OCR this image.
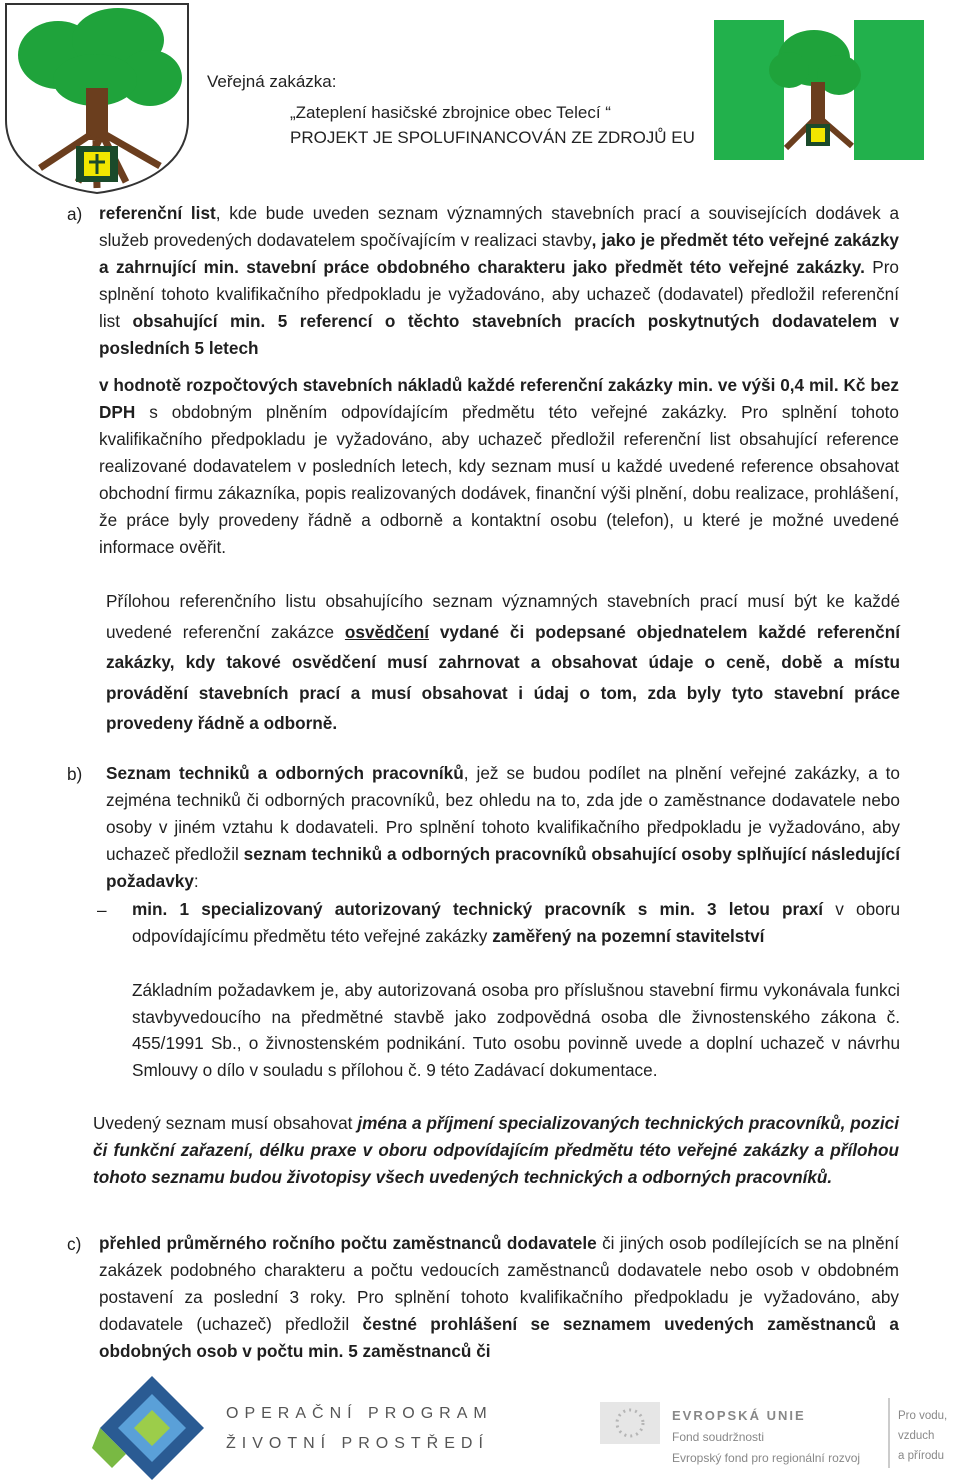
Veřejná zakázka:
„Zateplení hasičské zbrojnice obec Telecí “
PROJEKT JE SPOLUFINANCOVÁN ZE ZDROJŮ EU
a) referenční list, kde bude uveden seznam významných stavebních prací a souvisejících dodávek a služeb provedených dodavatelem spočívajícím v realizaci stavby, jako je předmět této veřejné zakázky a zahrnující min. stavební práce obdobného charakteru jako předmět této veřejné zakázky. Pro splnění tohoto kvalifikačního předpokladu je vyžadováno, aby uchazeč (dodavatel) předložil referenční list obsahující min. 5 referencí o těchto stavebních pracích poskytnutých dodavatelem v posledních 5 letech
v hodnotě rozpočtových stavebních nákladů každé referenční zakázky min. ve výši 0,4 mil. Kč bez DPH s obdobným plněním odpovídajícím předmětu této veřejné zakázky. Pro splnění tohoto kvalifikačního předpokladu je vyžadováno, aby uchazeč předložil referenční list obsahující reference realizované dodavatelem v posledních letech, kdy seznam musí u každé uvedené reference obsahovat obchodní firmu zákazníka, popis realizovaných dodávek, finanční výši plnění, dobu realizace, prohlášení, že práce byly provedeny řádně a odborně a kontaktní osobu (telefon), u které je možné uvedené informace ověřit.
Přílohou referenčního listu obsahujícího seznam významných stavebních prací musí být ke každé uvedené referenční zakázce osvědčení vydané či podepsané objednatelem každé referenční zakázky, kdy takové osvědčení musí zahrnovat a obsahovat údaje o ceně, době a místu provádění stavebních prací a musí obsahovat i údaj o tom, zda byly tyto stavební práce provedeny řádně a odborně.
b) Seznam techniků a odborných pracovníků, jež se budou podílet na plnění veřejné zakázky, a to zejména techniků či odborných pracovníků, bez ohledu na to, zda jde o zaměstnance dodavatele nebo osoby v jiném vztahu k dodavateli. Pro splnění tohoto kvalifikačního předpokladu je vyžadováno, aby uchazeč předložil seznam techniků a odborných pracovníků obsahující osoby splňující následující požadavky:
– min. 1 specializovaný autorizovaný technický pracovník s min. 3 letou praxí v oboru odpovídajícímu předmětu této veřejné zakázky zaměřený na pozemní stavitelství
Základním požadavkem je, aby autorizovaná osoba pro příslušnou stavební firmu vykonávala funkci stavbyvedoucího na předmětné stavbě jako zodpovědná osoba dle živnostenského zákona č. 455/1991 Sb., o živnostenském podnikání. Tuto osobu povinně uvede a doplní uchazeč v návrhu Smlouvy o dílo v souladu s přílohou č. 9 této Zadávací dokumentace.
Uvedený seznam musí obsahovat jména a příjmení specializovaných technických pracovníků, pozici či funkční zařazení, délku praxe v oboru odpovídajícím předmětu této veřejné zakázky a přílohou tohoto seznamu budou životopisy všech uvedených technických a odborných pracovníků.
c) přehled průměrného ročního počtu zaměstnanců dodavatele či jiných osob podílejících se na plnění zakázek podobného charakteru a počtu vedoucích zaměstnanců dodavatele nebo osob v obdobném postavení za poslední 3 roky. Pro splnění tohoto kvalifikačního předpokladu je vyžadováno, aby dodavatele (uchazeč) předložil čestné prohlášení se seznamem uvedených zaměstnanců a obdobných osob v počtu min. 5 zaměstnanců či
OPERAČNÍ PROGRAM
ŽIVOTNÍ PROSTŘEDÍ
EVROPSKÁ UNIE
Fond soudržnosti
Evropský fond pro regionální rozvoj
Pro vodu,
vzduch
a přírodu
